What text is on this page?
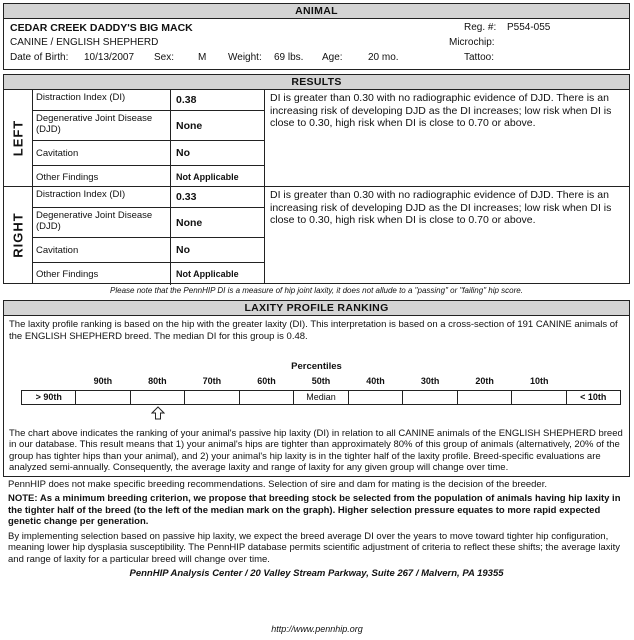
ANIMAL
CEDAR CREEK DADDY'S BIG MACK
CANINE / ENGLISH SHEPHERD
Date of Birth: 10/13/2007 Sex: M Weight: 69 lbs. Age:	20 mo.
Reg. #: P554-055
Microchip:
Tattoo:
RESULTS
LEFT
Distraction Index (DI)	0.38
Degenerative Joint Disease (DJD)	None
Cavitation	No
Other Findings	Not Applicable
DI is greater than 0.30 with no radiographic evidence of DJD. There is an increasing risk of developing DJD as the DI increases; low risk when DI is close to 0.30, high risk when DI is close to 0.70 or above.
RIGHT
Distraction Index (DI)	0.33
Degenerative Joint Disease (DJD)	None
Cavitation	No
Other Findings	Not Applicable
DI is greater than 0.30 with no radiographic evidence of DJD. There is an increasing risk of developing DJD as the DI increases; low risk when DI is close to 0.30, high risk when DI is close to 0.70 or above.
Please note that the PennHIP DI is a measure of hip joint laxity, it does not allude to a "passing" or "failing" hip score.
LAXITY PROFILE RANKING

The laxity profile ranking is based on the hip with the greater laxity (DI). This interpretation is based on a cross-section of 191 CANINE animals of the ENGLISH SHEPHERD breed. The median DI for this group is 0.48.

Percentiles
90th	80th	70th	60th	50th	40th	30th	20th	10th
> 90th	Median	< 10th

The chart above indicates the ranking of your animal's passive hip laxity (DI) in relation to all CANINE animals of the ENGLISH SHEPHERD breed in our database. This result means that 1) your animal's hips are tighter than approximately 80% of this group of animals (alternatively, 20% of the group has tighter hips than your animal), and 2) your animal's hip laxity is in the tighter half of the laxity profile. Breed-specific evaluations are analyzed semi-annually. Consequently, the average laxity and range of laxity for any given group will change over time.

PennHIP does not make specific breeding recommendations. Selection of sire and dam for mating is the decision of the breeder.

NOTE: As a minimum breeding criterion, we propose that breeding stock be selected from the population of animals having hip laxity in the tighter half of the breed (to the left of the median mark on the graph). Higher selection pressure equates to more rapid expected genetic change per generation.

By implementing selection based on passive hip laxity, we expect the breed average DI over the years to move toward tighter hip configuration, meaning lower hip dysplasia susceptibility. The PennHIP database permits scientific adjustment of criteria to reflect these shifts; the average laxity and range of laxity for a particular breed will change over time.

PennHIP Analysis Center / 20 Valley Stream Parkway, Suite 267 / Malvern, PA 19355
http://www.pennhip.org
